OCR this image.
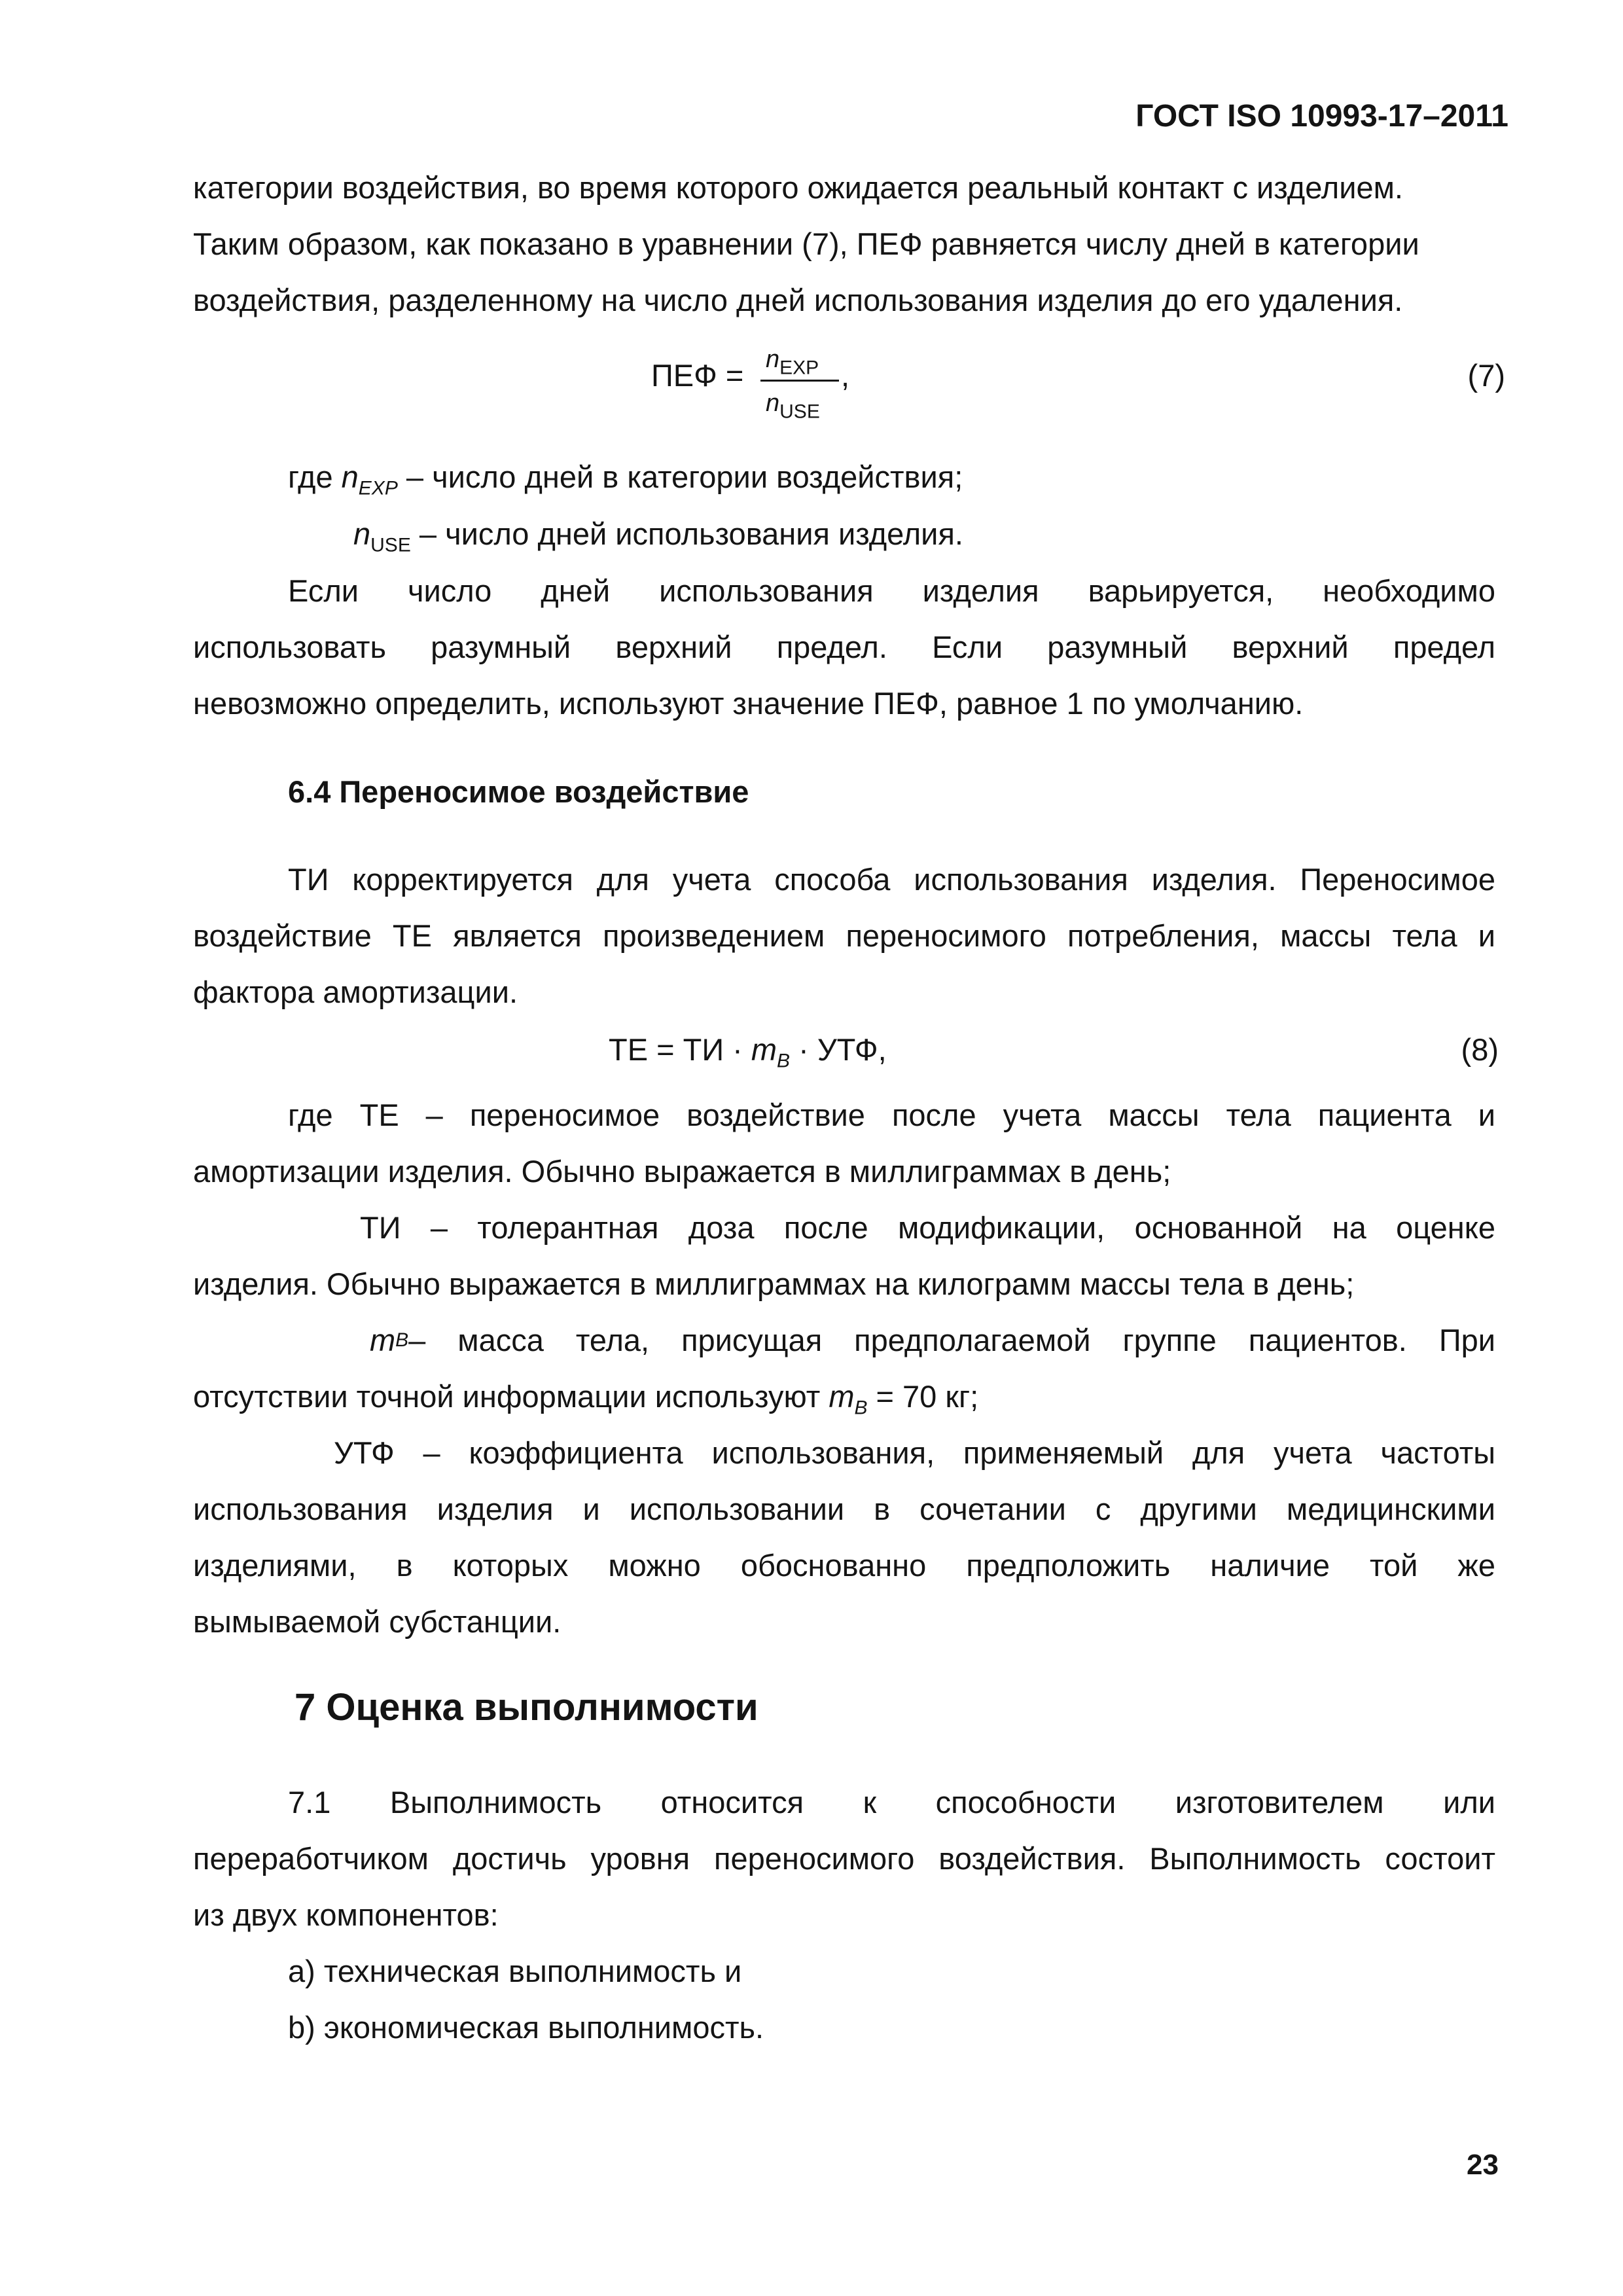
ГОСТ ISO 10993-17–2011
категории воздействия, во время которого ожидается реальный контакт с изделием.
Таким образом, как показано в уравнении (7), ПЕФ равняется числу дней в категории
воздействия, разделенному на число дней использования изделия до его удаления.
ПЕФ = $n_{EXP}$
$n_{USE}$
,	(7)
где $n_{EXP}$ – число дней в категории воздействия;
$n_{USE}$ – число дней использования изделия.
Если число дней использования изделия варьируется, необходимо
использовать разумный верхний предел. Если разумный верхний предел
невозможно определить, используют значение ПЕФ, равное 1 по умолчанию.
6.4 Переносимое воздействие
ТИ корректируется для учета способа использования изделия. Переносимое
воздействие ТЕ является произведением переносимого потребления, массы тела и
фактора амортизации.
ТЕ = ТИ · $m_B$ · УТФ,	(8)
где ТЕ – переносимое воздействие после учета массы тела пациента и
амортизации изделия. Обычно выражается в миллиграммах в день;
ТИ – толерантная доза после модификации, основанной на оценке
изделия. Обычно выражается в миллиграммах на килограмм массы тела в день;
m B – масса тела, присущая предполагаемой группе пациентов. При
отсутствии точной информации используют $m_B = 70$ кг;
УТФ – коэффициента использования, применяемый для учета частоты
использования изделия и использовании в сочетании с другими медицинскими
изделиями, в которых можно обоснованно предположить наличие той же
вымываемой субстанции.
7 Оценка выполнимости
7.1 Выполнимость относится к способности изготовителем или
переработчиком достичь уровня переносимого воздействия. Выполнимость состоит
из двух компонентов:
a) техническая выполнимость и
b) экономическая выполнимость.
23
